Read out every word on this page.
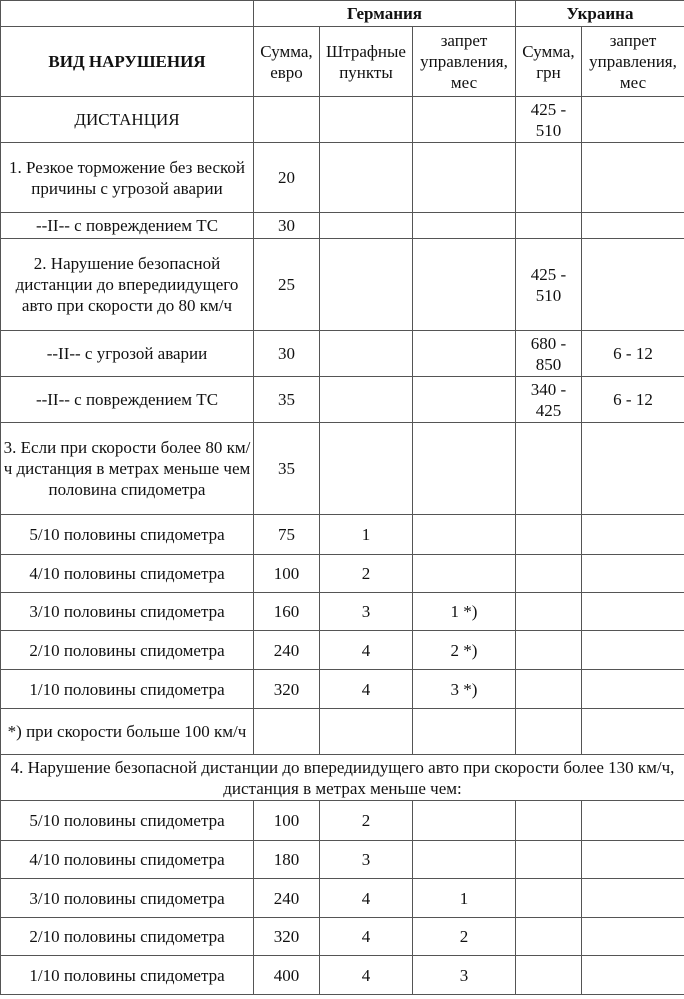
	Германия			Украина	
ВИД НАРУШЕНИЯ	Сумма, евро	Штрафные пункты	запрет управления, мес	Сумма, грн	запрет управления, мес
ДИСТАНЦИЯ				425 - 510	
1. Резкое торможение без веской причины с угрозой аварии	20				
--II-- с повреждением ТС	30				
2. Нарушение безопасной дистанции до впередиидущего авто при скорости до 80 км/ч	25			425 - 510	
--II-- с угрозой аварии	30			680 - 850	6 - 12
--II-- с повреждением ТС	35			340 - 425	6 - 12
3. Если при скорости более 80 км/ч дистанция в метрах меньше чем половина спидометра	35				
5/10 половины спидометра	75	1			
4/10 половины спидометра	100	2			
3/10 половины спидометра	160	3	1 *)		
2/10 половины спидометра	240	4	2 *)		
1/10 половины спидометра	320	4	3 *)		
*) при скорости больше 100 км/ч					
4. Нарушение безопасной дистанции до впередиидущего авто при скорости более 130 км/ч, дистанция в метрах меньше чем:					
5/10 половины спидометра	100	2			
4/10 половины спидометра	180	3			
3/10 половины спидометра	240	4	1		
2/10 половины спидометра	320	4	2		
1/10 половины спидометра	400	4	3		
